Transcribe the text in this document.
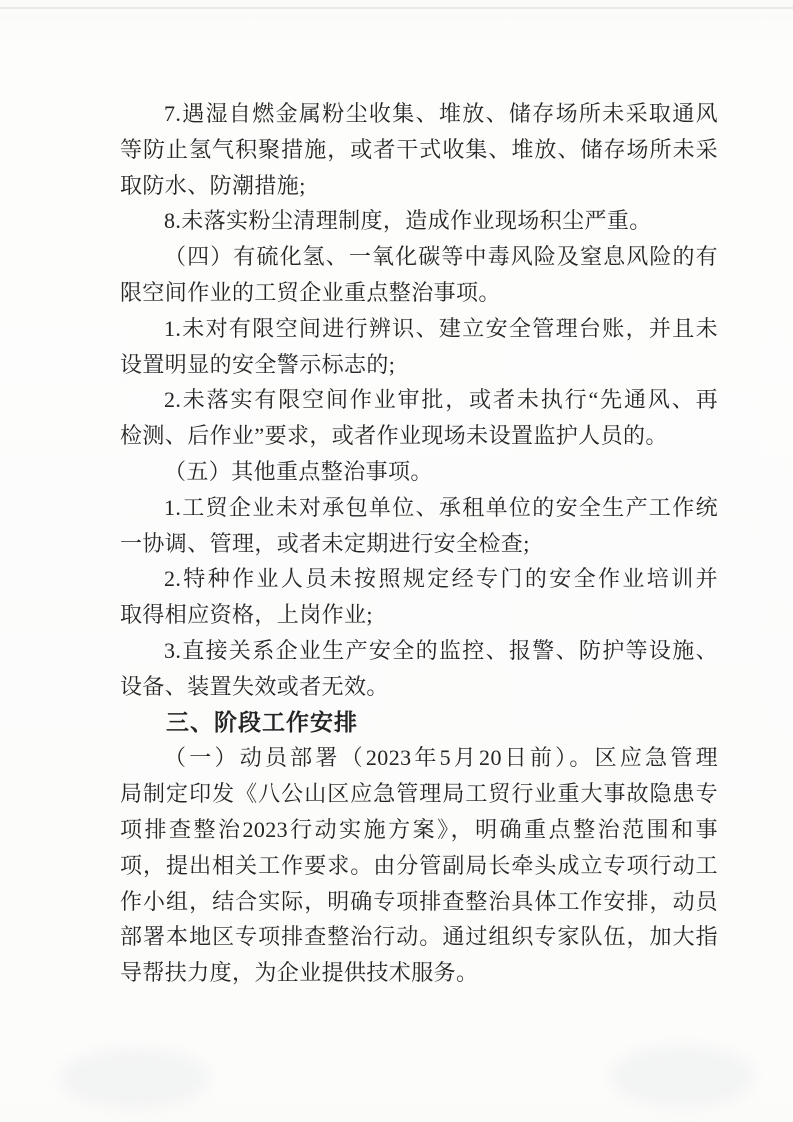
7.遇湿自燃金属粉尘收集、堆放、储存场所未采取通风
等防止氢气积聚措施，或者干式收集、堆放、储存场所未采
取防水、防潮措施;
8.未落实粉尘清理制度，造成作业现场积尘严重。
（四）有硫化氢、一氧化碳等中毒风险及窒息风险的有
限空间作业的工贸企业重点整治事项。
1.未对有限空间进行辨识、建立安全管理台账，并且未
设置明显的安全警示标志的;
2.未落实有限空间作业审批，或者未执行“先通风、再
检测、后作业”要求，或者作业现场未设置监护人员的。
（五）其他重点整治事项。
1.工贸企业未对承包单位、承租单位的安全生产工作统
一协调、管理，或者未定期进行安全检查;
2.特种作业人员未按照规定经专门的安全作业培训并
取得相应资格，上岗作业;
3.直接关系企业生产安全的监控、报警、防护等设施、
设备、装置失效或者无效。
三、阶段工作安排
（一）动员部署（2023年5月20日前）。区应急管理
局制定印发《八公山区应急管理局工贸行业重大事故隐患专
项排查整治2023行动实施方案》，明确重点整治范围和事
项，提出相关工作要求。由分管副局长牵头成立专项行动工
作小组，结合实际，明确专项排查整治具体工作安排，动员
部署本地区专项排查整治行动。通过组织专家队伍，加大指
导帮扶力度，为企业提供技术服务。
